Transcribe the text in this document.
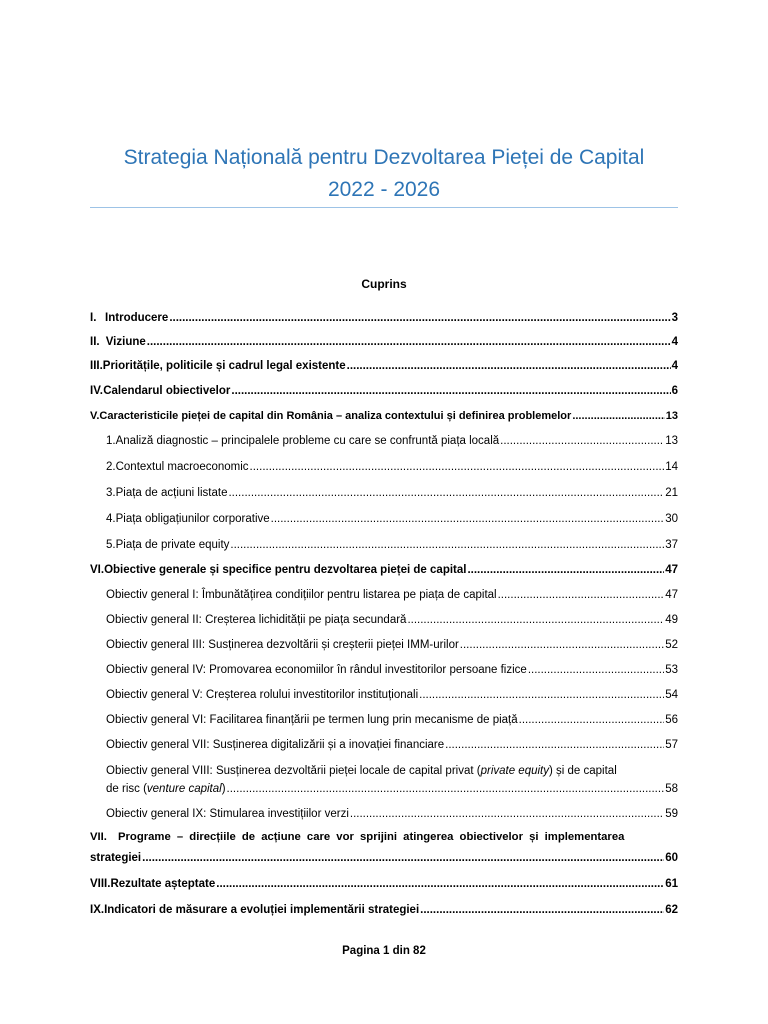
Strategia Națională pentru Dezvoltarea Pieței de Capital
2022 - 2026
Cuprins
I. Introducere .....	3
II. Viziune .....	4
III. Prioritățile, politicile și cadrul legal existente .....	4
IV. Calendarul obiectivelor .....	6
V. Caracteristicile pieței de capital din România – analiza contextului și definirea problemelor .....	13
1. Analiză diagnostic – principalele probleme cu care se confruntă piața locală .....	13
2. Contextul macroeconomic .....	14
3. Piața de acțiuni listate .....	21
4. Piața obligațiunilor corporative .....	30
5. Piața de private equity .....	37
VI. Obiective generale și specifice pentru dezvoltarea pieței de capital .....	47
Obiectiv general I: Îmbunătățirea condițiilor pentru listarea pe piața de capital .....	47
Obiectiv general II: Creșterea lichidității pe piața secundară .....	49
Obiectiv general III: Susținerea dezvoltării și creșterii pieței IMM-urilor .....	52
Obiectiv general IV: Promovarea economiilor în rândul investitorilor persoane fizice .....	53
Obiectiv general V: Creșterea rolului investitorilor instituționali .....	54
Obiectiv general VI: Facilitarea finanțării pe termen lung prin mecanisme de piață .....	56
Obiectiv general VII: Susținerea digitalizării și a inovației financiare .....	57
Obiectiv general VIII: Susținerea dezvoltării pieței locale de capital privat (private equity) și de capital
de risc (venture capital) .....	58
Obiectiv general IX: Stimularea investițiilor verzi .....	59
VII. Programe – direcțiile de acțiune care vor sprijini atingerea obiectivelor și implementarea
strategiei .....	60
VIII. Rezultate așteptate .....	61
IX. Indicatori de măsurare a evoluției implementării strategiei .....	62
Pagina 1 din 82
